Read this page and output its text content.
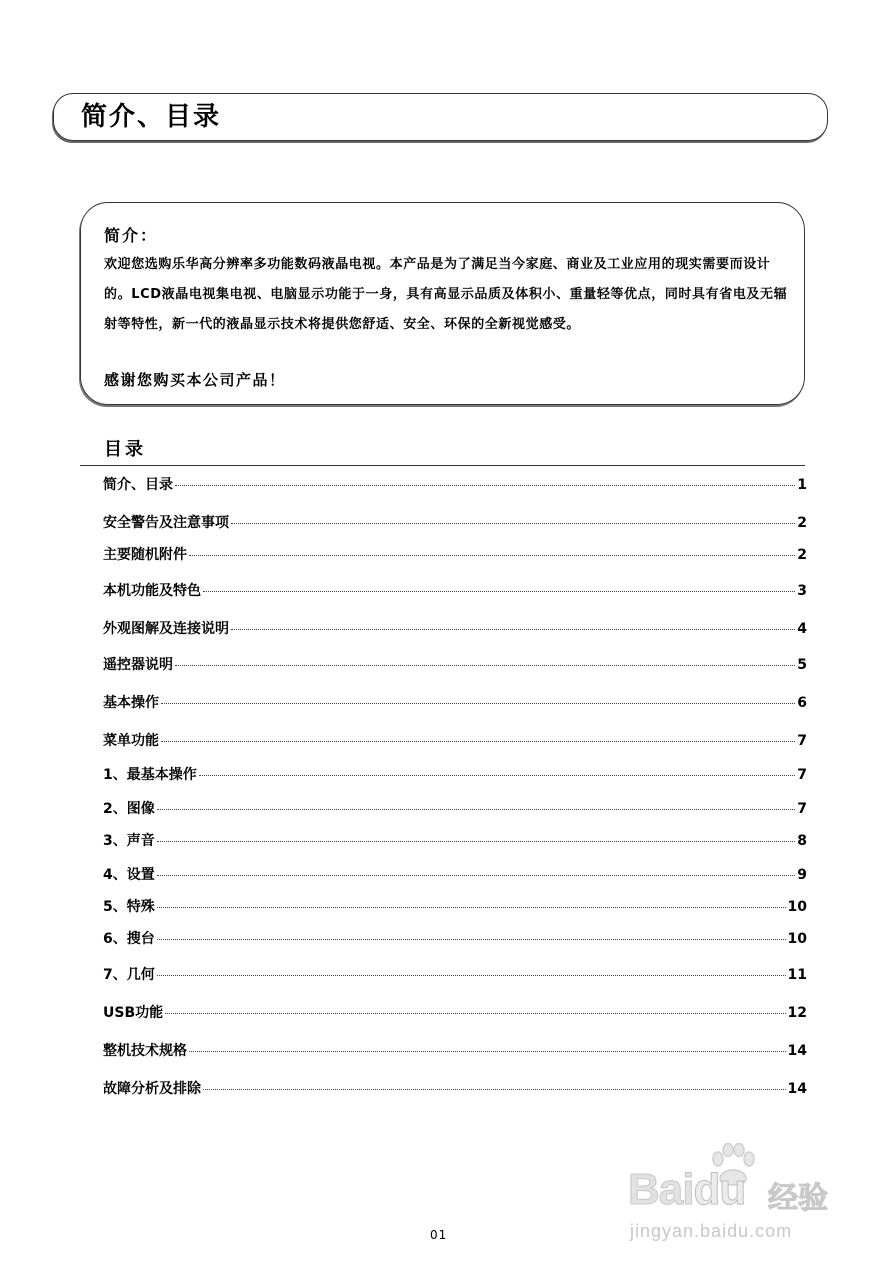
简介、目录
简介：
欢迎您选购乐华高分辨率多功能数码液晶电视。本产品是为了满足当今家庭、商业及工业应用的现实需要而设计的。LCD液晶电视集电视、电脑显示功能于一身，具有高显示品质及体积小、重量轻等优点，同时具有省电及无辐射等特性，新一代的液晶显示技术将提供您舒适、安全、环保的全新视觉感受。
感谢您购买本公司产品！
目录
简介、目录	1
安全警告及注意事项	2
主要随机附件	2
本机功能及特色	3
外观图解及连接说明	4
遥控器说明	5
基本操作	6
菜单功能	7
1、最基本操作	7
2、图像	7
3、声音	8
4、设置	9
5、特殊	10
6、搜台	10
7、几何	11
USB功能	12
整机技术规格	14
故障分析及排除	14
01
Baidu 经验
jingyan.baidu.com
